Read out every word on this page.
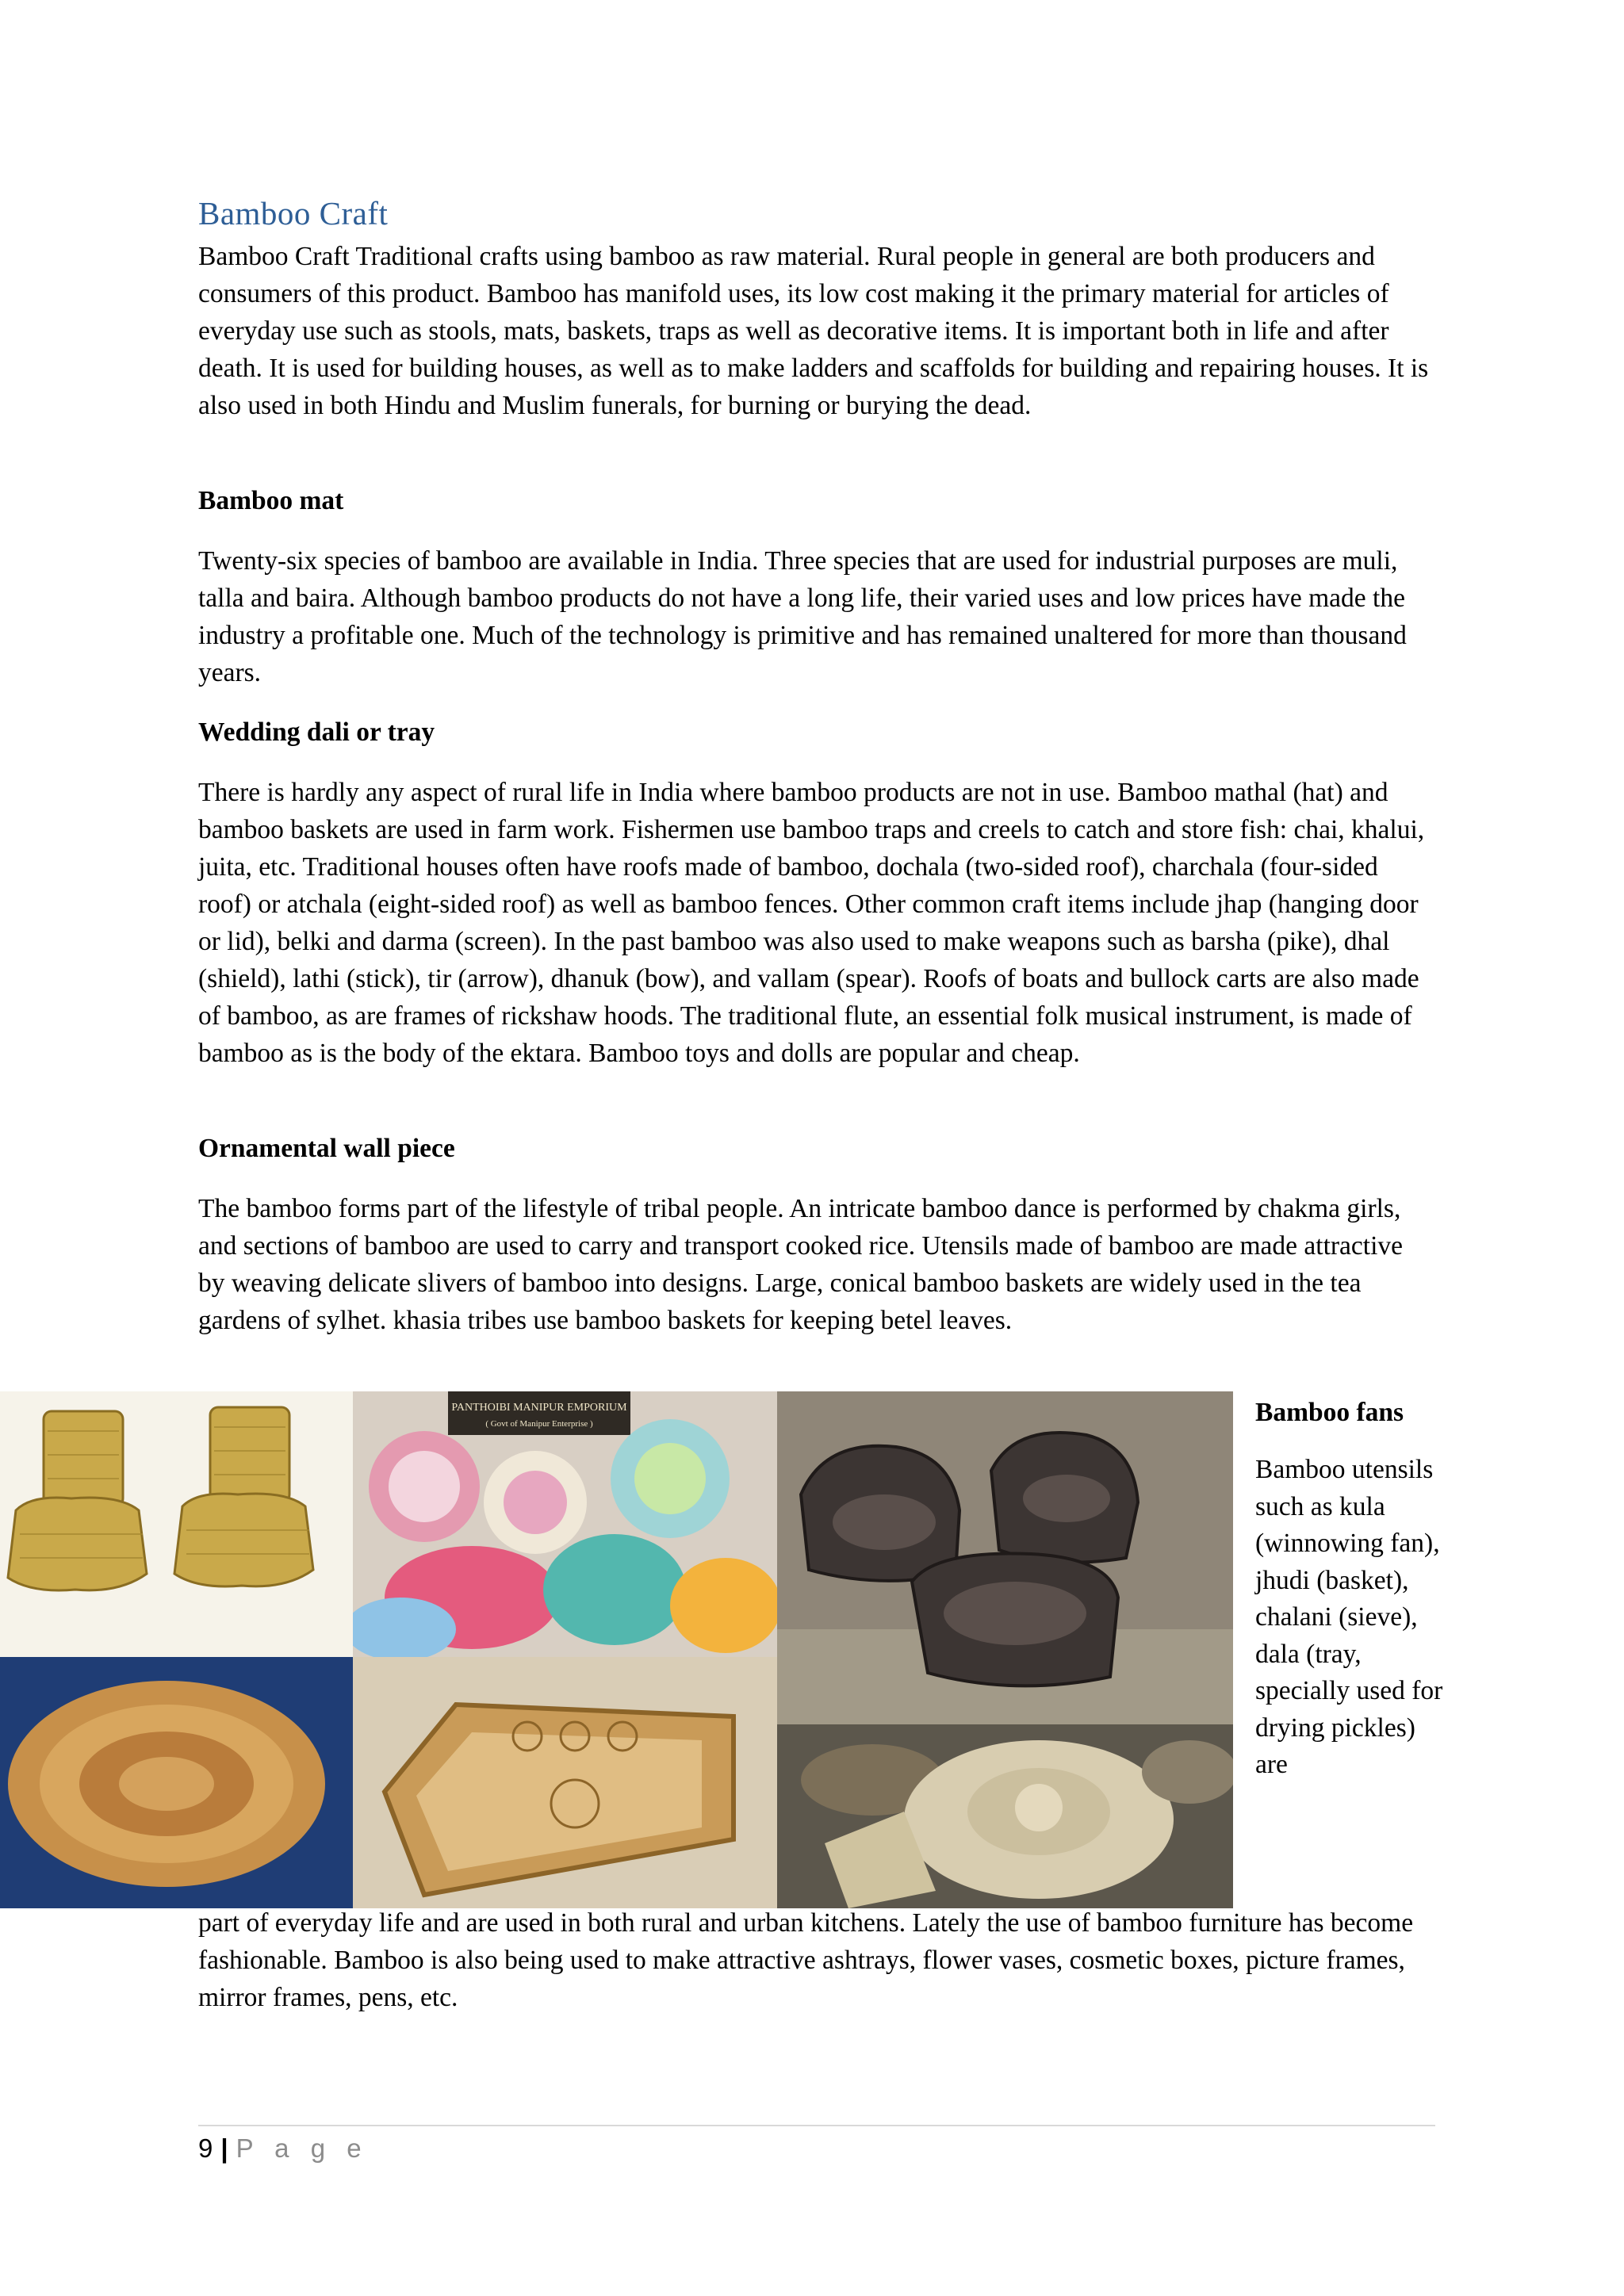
Bamboo Craft

Bamboo Craft Traditional crafts using bamboo as raw material. Rural people in general are both producers and consumers of this product. Bamboo has manifold uses, its low cost making it the primary material for articles of everyday use such as stools, mats, baskets, traps as well as decorative items. It is important both in life and after death. It is used for building houses, as well as to make ladders and scaffolds for building and repairing houses. It is also used in both Hindu and Muslim funerals, for burning or burying the dead.

Bamboo mat

Twenty-six species of bamboo are available in India. Three species that are used for industrial purposes are muli, talla and baira. Although bamboo products do not have a long life, their varied uses and low prices have made the industry a profitable one. Much of the technology is primitive and has remained unaltered for more than thousand years.

Wedding dali or tray

There is hardly any aspect of rural life in India where bamboo products are not in use. Bamboo mathal (hat) and bamboo baskets are used in farm work. Fishermen use bamboo traps and creels to catch and store fish: chai, khalui, juita, etc. Traditional houses often have roofs made of bamboo, dochala (two-sided roof), charchala (four-sided roof) or atchala (eight-sided roof) as well as bamboo fences. Other common craft items include jhap (hanging door or lid), belki and darma (screen). In the past bamboo was also used to make weapons such as barsha (pike), dhal (shield), lathi (stick), tir (arrow), dhanuk (bow), and vallam (spear). Roofs of boats and bullock carts are also made of bamboo, as are frames of rickshaw hoods. The traditional flute, an essential folk musical instrument, is made of bamboo as is the body of the ektara. Bamboo toys and dolls are popular and cheap.

Ornamental wall piece

The bamboo forms part of the lifestyle of tribal people. An intricate bamboo dance is performed by chakma girls, and sections of bamboo are used to carry and transport cooked rice. Utensils made of bamboo are made attractive by weaving delicate slivers of bamboo into designs. Large, conical bamboo baskets are widely used in the tea gardens of sylhet. khasia tribes use bamboo baskets for keeping betel leaves.

PANTHOIBI MANIPUR EMPORIUM
( Govt of Manipur Enterprise )	Bamboo fans

Bamboo utensils such as kula (winnowing fan), jhudi (basket), chalani (sieve), dala (tray, specially used for drying pickles) are

part of everyday life and are used in both rural and urban kitchens. Lately the use of bamboo furniture has become fashionable. Bamboo is also being used to make attractive ashtrays, flower vases, cosmetic boxes, picture frames, mirror frames, pens, etc.

9 | P a g e
